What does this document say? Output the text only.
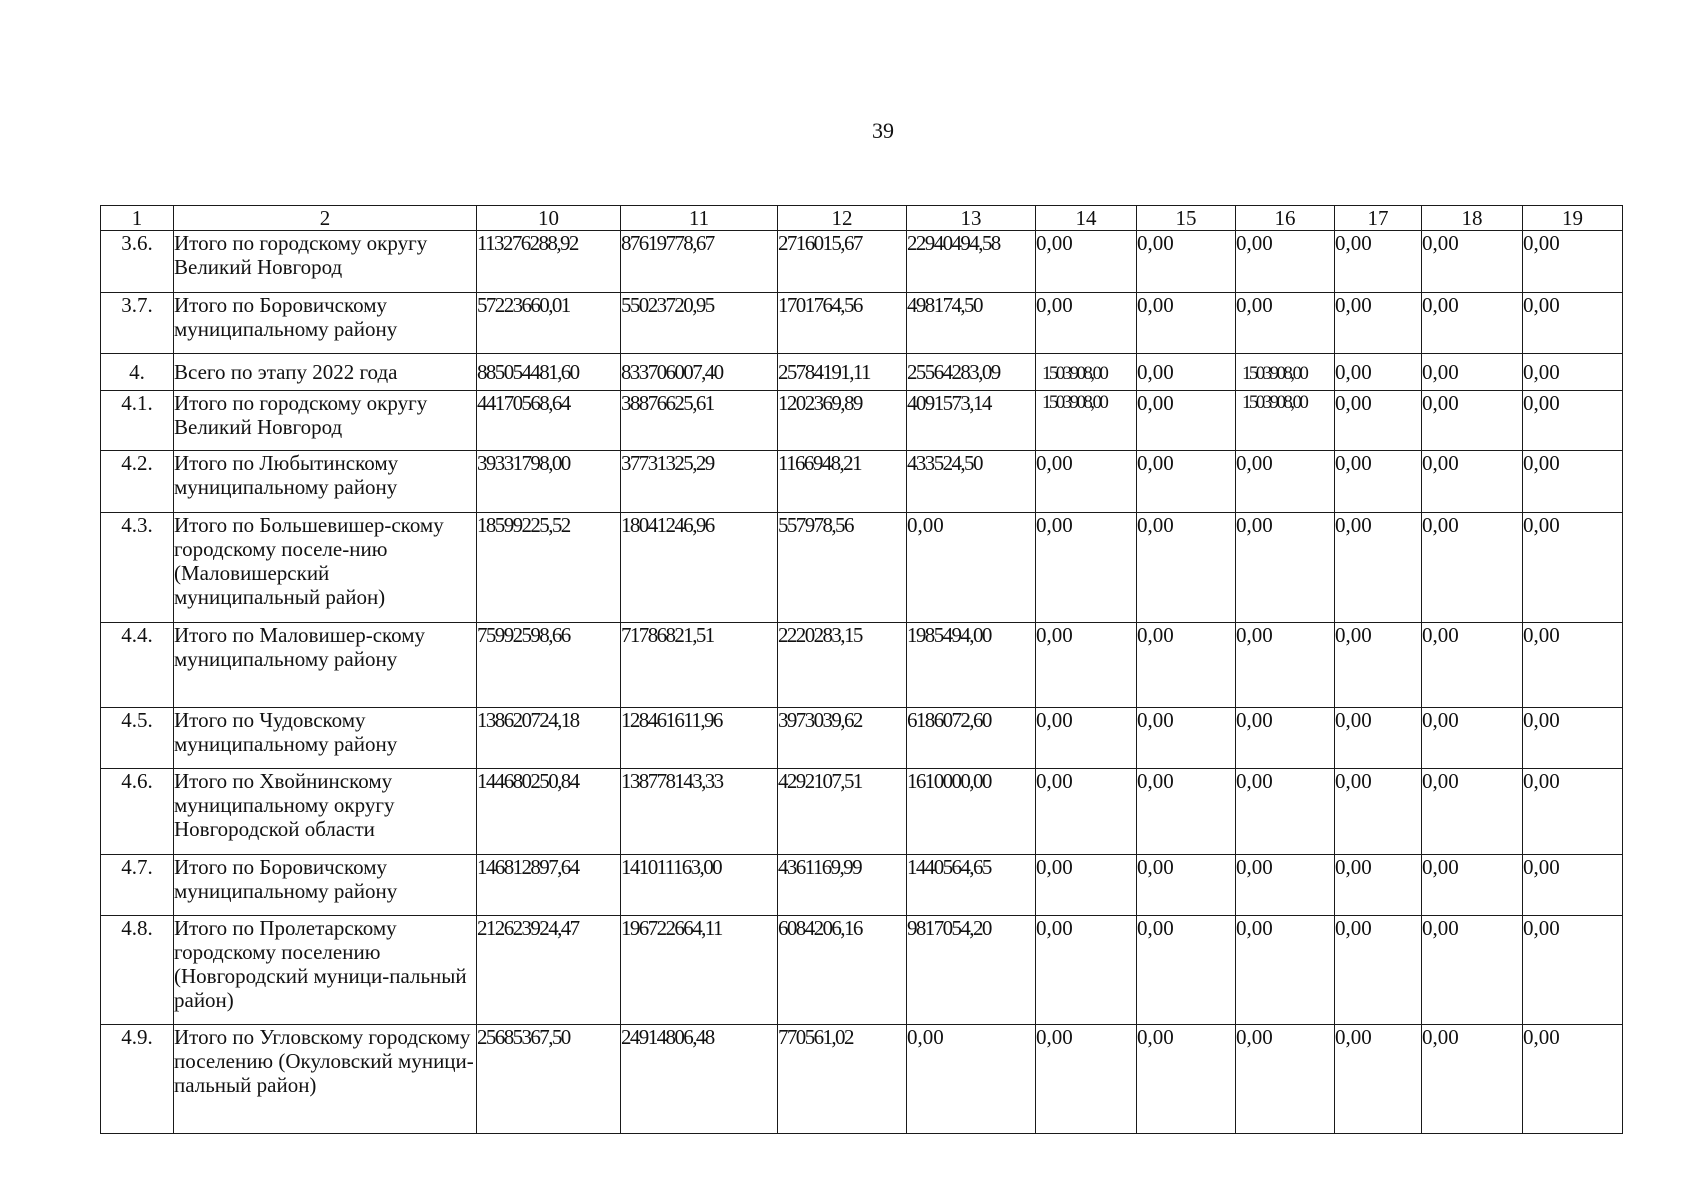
39
1	2	10	11	12	13	14	15	16	17	18	19
3.6.	Итого по городскому округу Великий Новгород	113276288,92	87619778,67	2716015,67	22940494,58	0,00	0,00	0,00	0,00	0,00	0,00
3.7.	Итого по Боровичскому муниципальному району	57223660,01	55023720,95	1701764,56	498174,50	0,00	0,00	0,00	0,00	0,00	0,00
4.	Всего по этапу 2022 года	885054481,60	833706007,40	25784191,11	25564283,09	1503908,00	0,00	1503908,00	0,00	0,00	0,00
4.1.	Итого по городскому округу Великий Новгород	44170568,64	38876625,61	1202369,89	4091573,14	1503908,00	0,00	1503908,00	0,00	0,00	0,00
4.2.	Итого по Любытинскому муниципальному району	39331798,00	37731325,29	1166948,21	433524,50	0,00	0,00	0,00	0,00	0,00	0,00
4.3.	Итого по Большевишер-скому городскому поселе-нию (Маловишерский муниципальный район)	18599225,52	18041246,96	557978,56	0,00	0,00	0,00	0,00	0,00	0,00	0,00
4.4.	Итого по Маловишер-скому муниципальному району	75992598,66	71786821,51	2220283,15	1985494,00	0,00	0,00	0,00	0,00	0,00	0,00
4.5.	Итого по Чудовскому муниципальному району	138620724,18	128461611,96	3973039,62	6186072,60	0,00	0,00	0,00	0,00	0,00	0,00
4.6.	Итого по Хвойнинскому муниципальному округу Новгородской области	144680250,84	138778143,33	4292107,51	1610000,00	0,00	0,00	0,00	0,00	0,00	0,00
4.7.	Итого по Боровичскому муниципальному району	146812897,64	141011163,00	4361169,99	1440564,65	0,00	0,00	0,00	0,00	0,00	0,00
4.8.	Итого по Пролетарскому городскому поселению (Новгородский муници-пальный район)	212623924,47	196722664,11	6084206,16	9817054,20	0,00	0,00	0,00	0,00	0,00	0,00
4.9.	Итого по Угловскому городскому поселению (Окуловский муници-пальный район)	25685367,50	24914806,48	770561,02	0,00	0,00	0,00	0,00	0,00	0,00	0,00
